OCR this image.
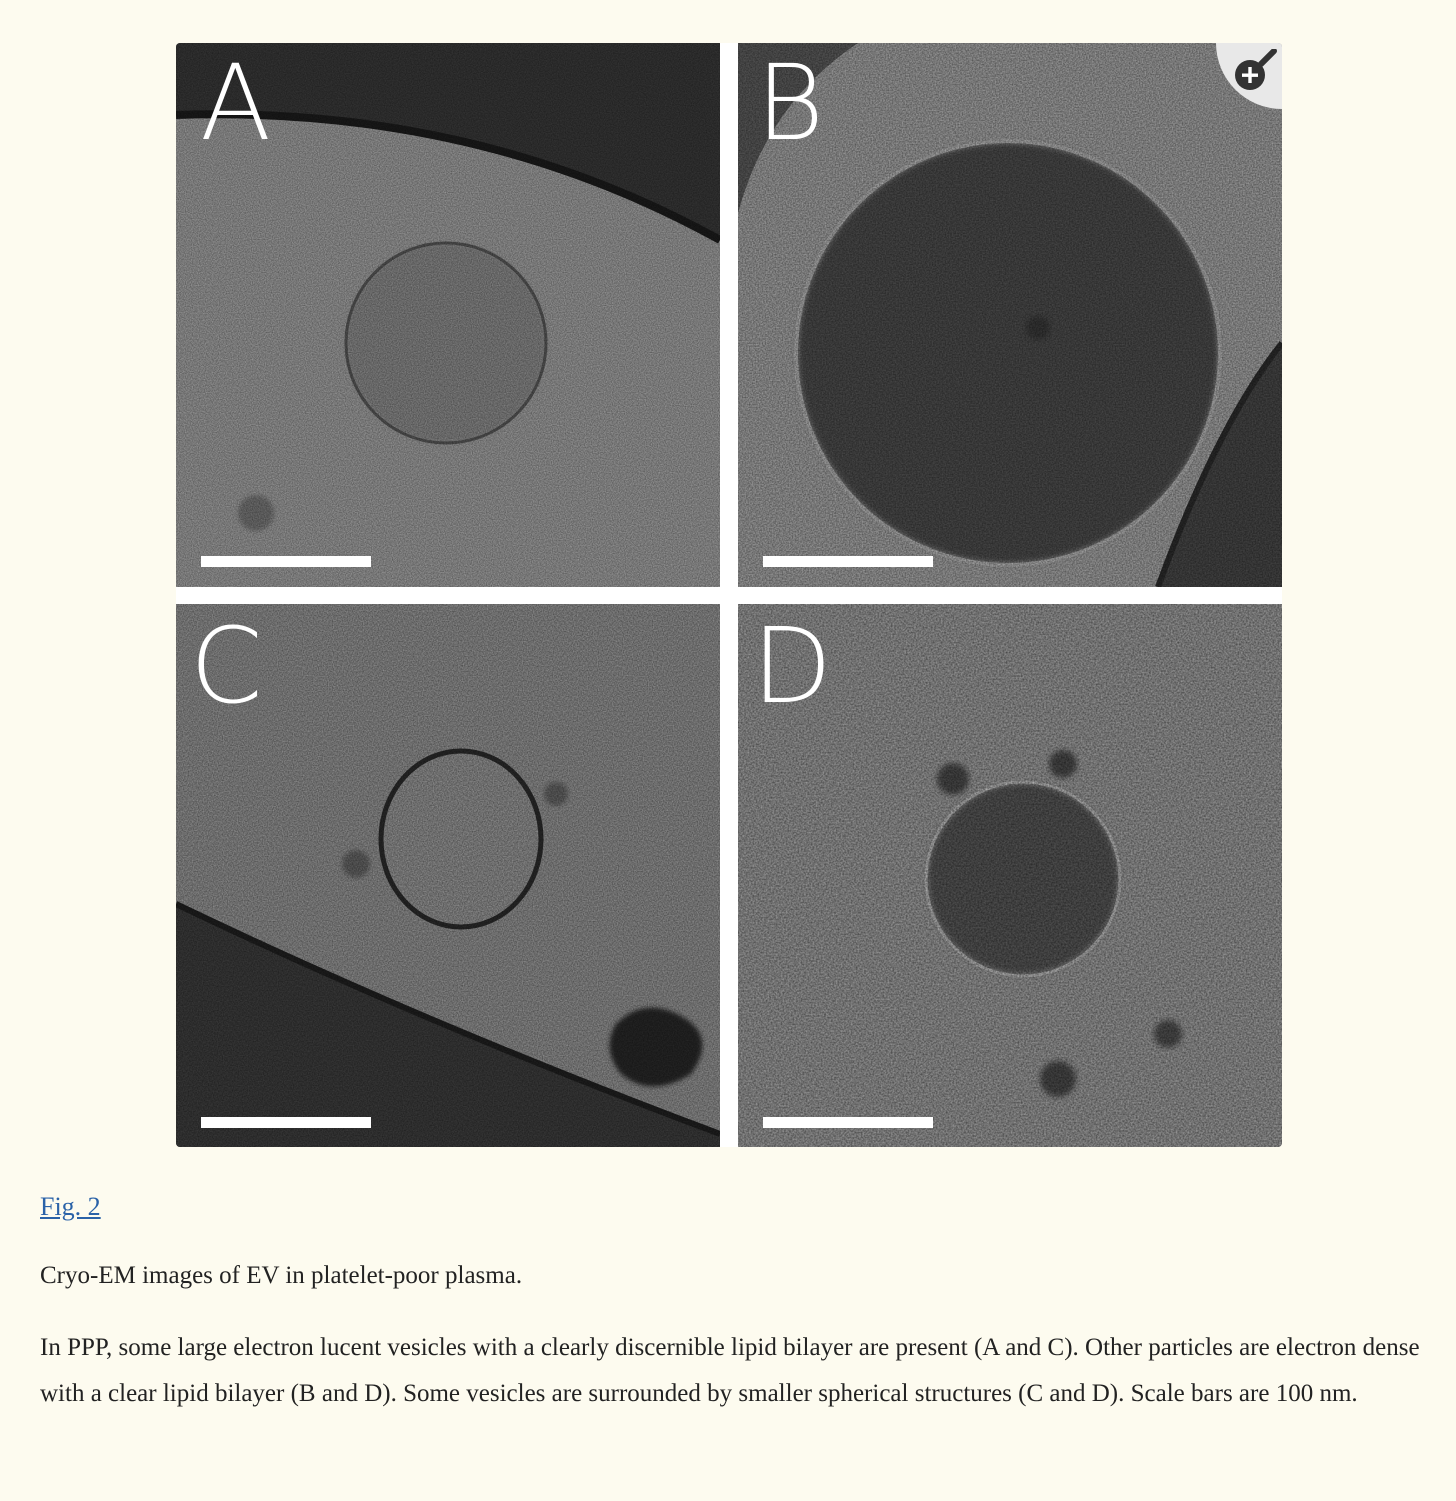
A	B
C	D
Fig. 2

Cryo-EM images of EV in platelet-poor plasma.

In PPP, some large electron lucent vesicles with a clearly discernible lipid bilayer are present (A and C). Other particles are electron dense with a clear lipid bilayer (B and D). Some vesicles are surrounded by smaller spherical structures (C and D). Scale bars are 100 nm.
